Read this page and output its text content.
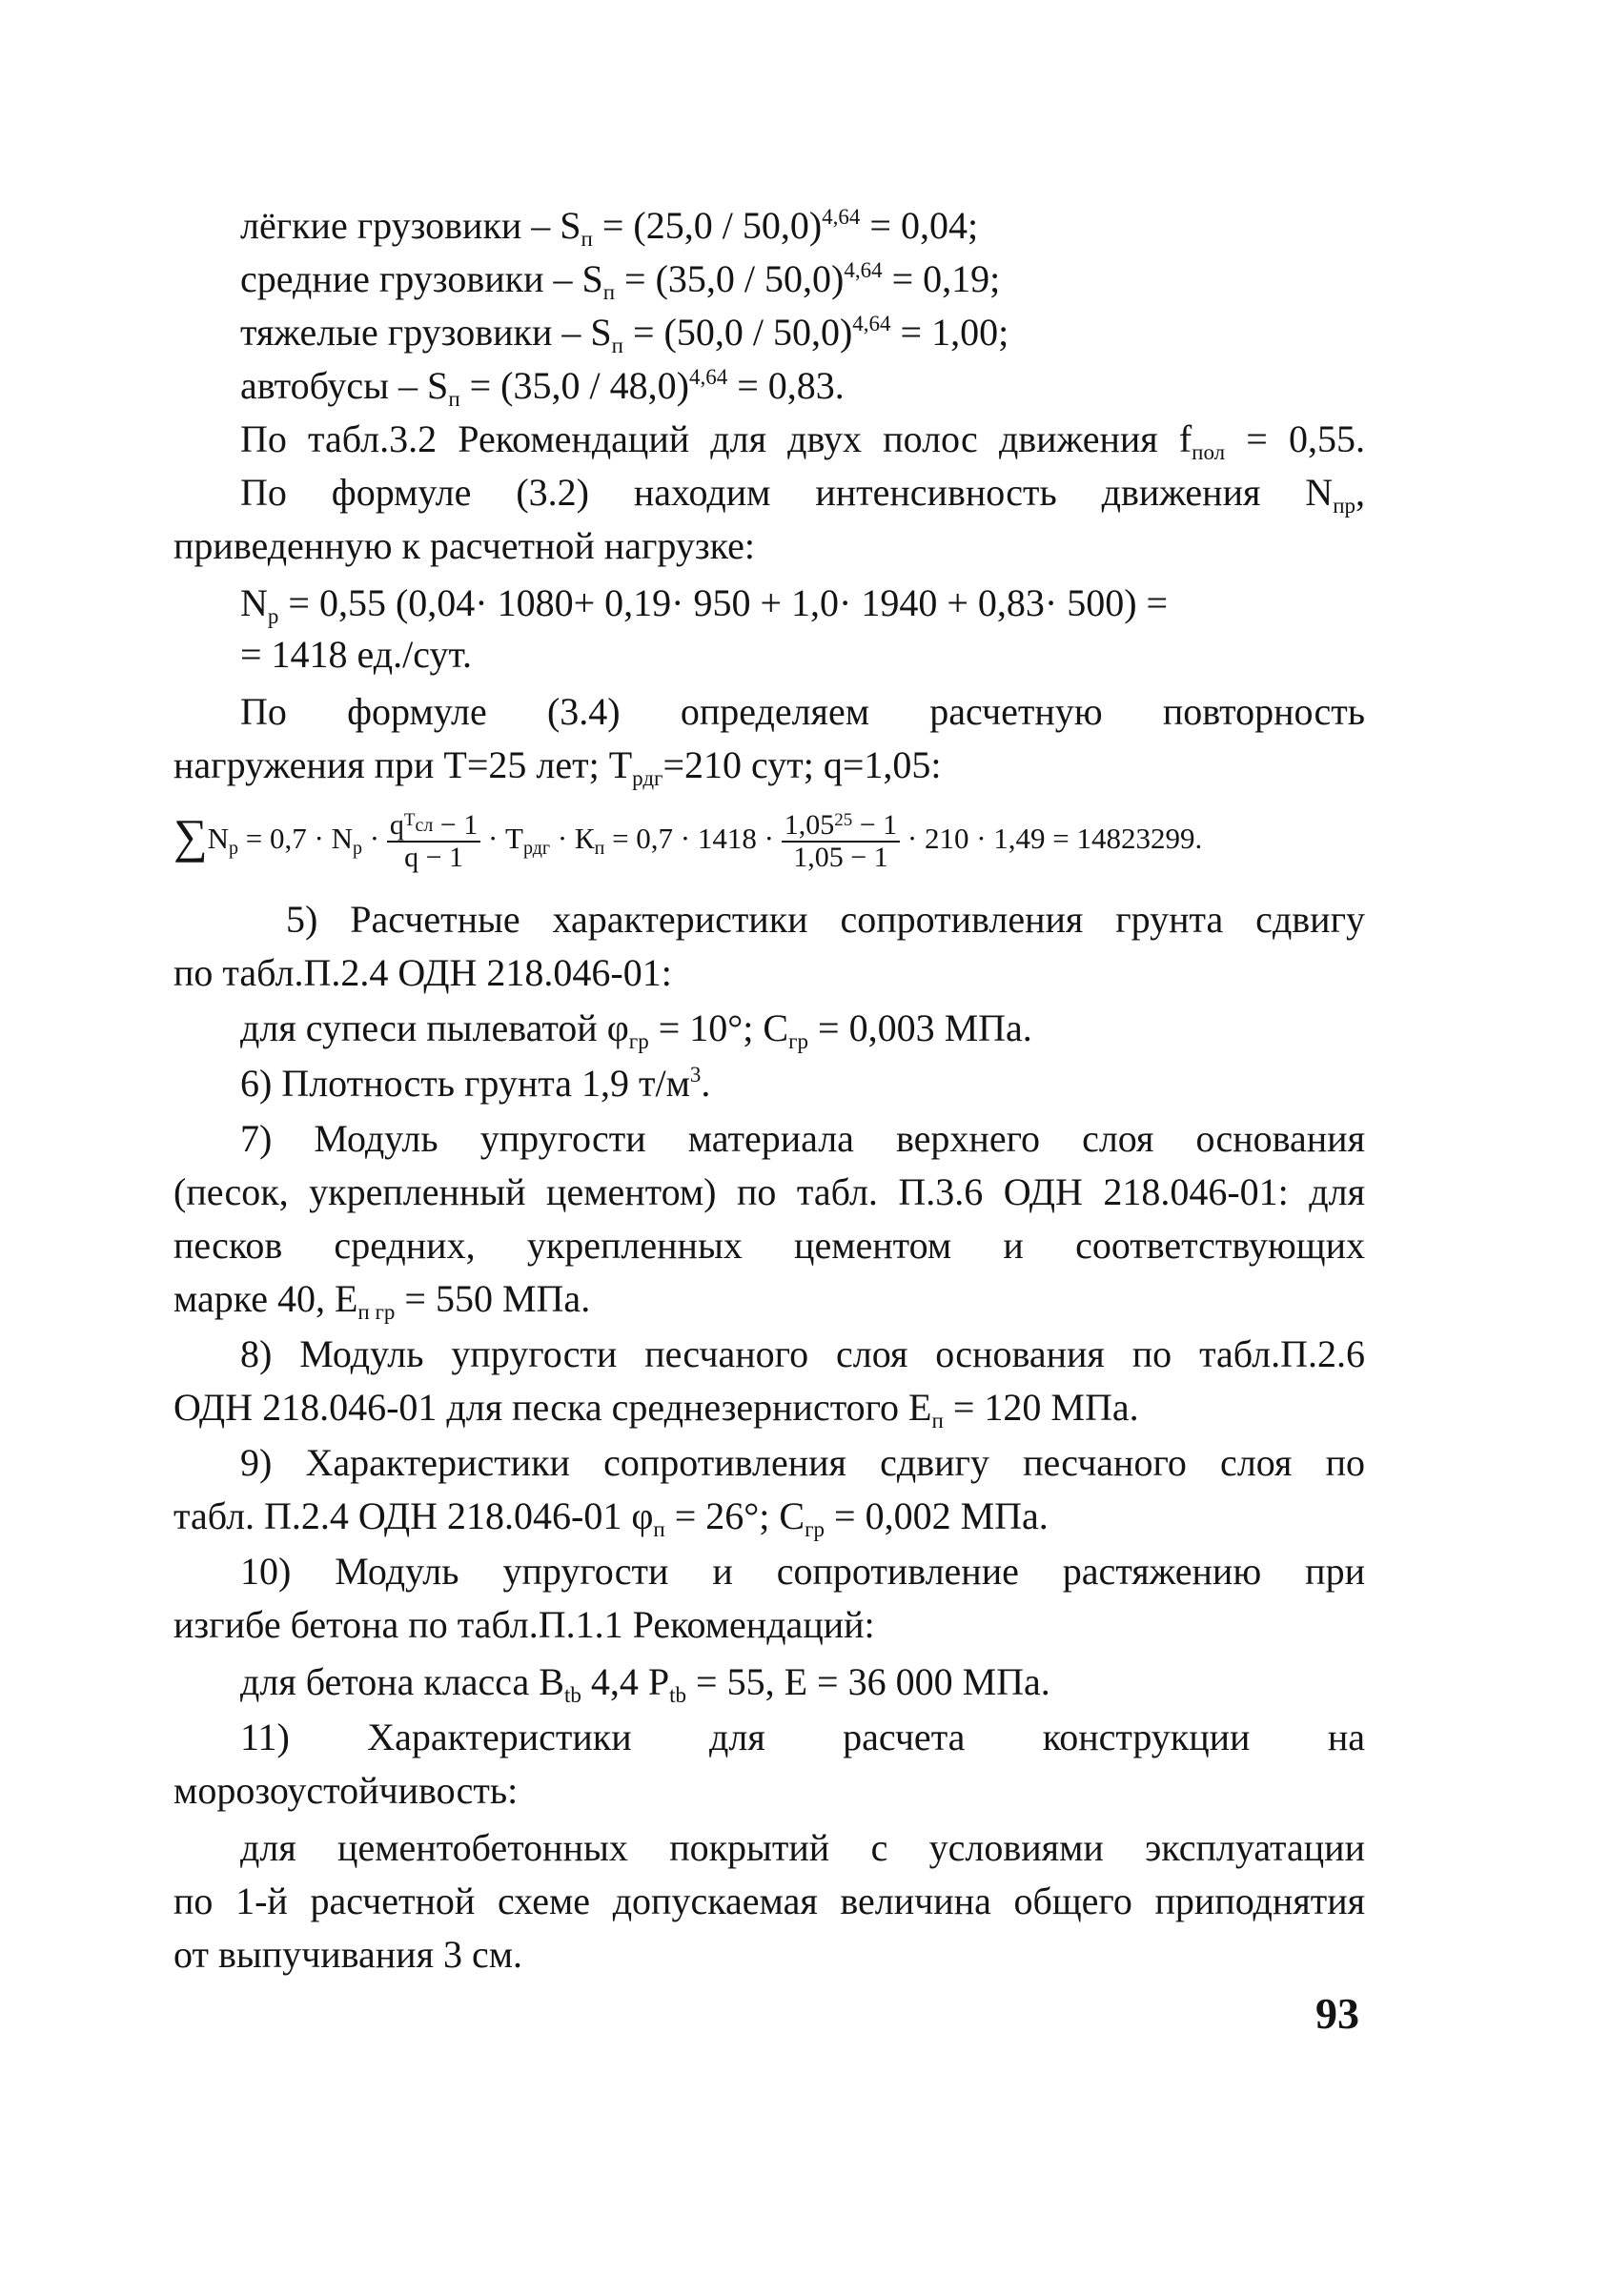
лёгкие грузовики – $S_п = (25,0 / 50,0)^{4,64} = 0,04$;
средние грузовики – $S_п = (35,0 / 50,0)^{4,64} = 0,19$;
тяжелые грузовики – $S_п = (50,0 / 50,0)^{4,64} = 1,00$;
автобусы – $S_п = (35,0 / 48,0)^{4,64} = 0,83$.
По табл.3.2 Рекомендаций для двух полос движения $f_{пол} = 0,55$.
По формуле (3.2) находим интенсивность движения $N_{пр}$,
приведенную к расчетной нагрузке:
$N_р = 0,55$ (0,04· 1080+ 0,19· 950 + 1,0· 1940 + 0,83· 500) =
= 1418 ед./сут.
По формуле (3.4) определяем расчетную повторность
нагружения при Т=25 лет; $Т_{рдг}=210$ сут; q=1,05:
$\sum N_р = 0,7 \cdot N_р \cdot \frac{q^{Т_{сл}} - 1}{q - 1} \cdot Т_{рдг} \cdot К_п = 0,7 \cdot 1418 \cdot \frac{1,05^{25} - 1}{1,05 - 1} \cdot 210 \cdot 1,49 = 14823299$.
5) Расчетные характеристики сопротивления грунта сдвигу
по табл.П.2.4 ОДН 218.046-01:
для супеси пылеватой $\varphi_{гр} = 10^\circ$; $С_{гр} = 0,003$ МПа.
6) Плотность грунта 1,9 $т/м^3$.
7) Модуль упругости материала верхнего слоя основания
(песок, укрепленный цементом) по табл. П.3.6 ОДН 218.046-01: для
песков средних, укрепленных цементом и соответствующих
марке 40, $Е_{п гр} = 550$ МПа.
8) Модуль упругости песчаного слоя основания по табл.П.2.6
ОДН 218.046-01 для песка среднезернистого $Е_п = 120$ МПа.
9) Характеристики сопротивления сдвигу песчаного слоя по
табл. П.2.4 ОДН 218.046-01 $\varphi_п = 26^\circ$; $С_{гр} = 0,002$ МПа.
10) Модуль упругости и сопротивление растяжению при
изгибе бетона по табл.П.1.1 Рекомендаций:
для бетона класса $В_{tb}$ 4,4 $Р_{tb} = 55$, Е = 36 000 МПа.
11) Характеристики для расчета конструкции на
морозоустойчивость:
для цементобетонных покрытий с условиями эксплуатации
по 1-й расчетной схеме допускаемая величина общего приподнятия
от выпучивания 3 см.
93
